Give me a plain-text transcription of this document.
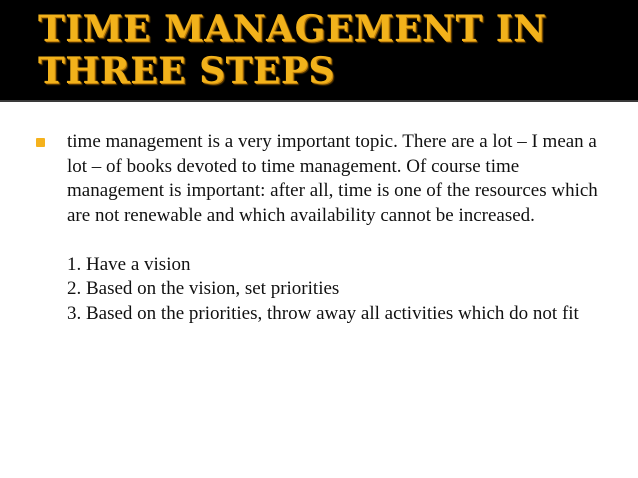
TIME MANAGEMENT IN
THREE STEPS

time management is a very important topic. There are a lot – I mean a lot – of books devoted to time management. Of course time management is important: after all, time is one of the resources which are not renewable and which availability cannot be increased.

1. Have a vision
2. Based on the vision, set priorities
3. Based on the priorities, throw away all activities which do not fit
